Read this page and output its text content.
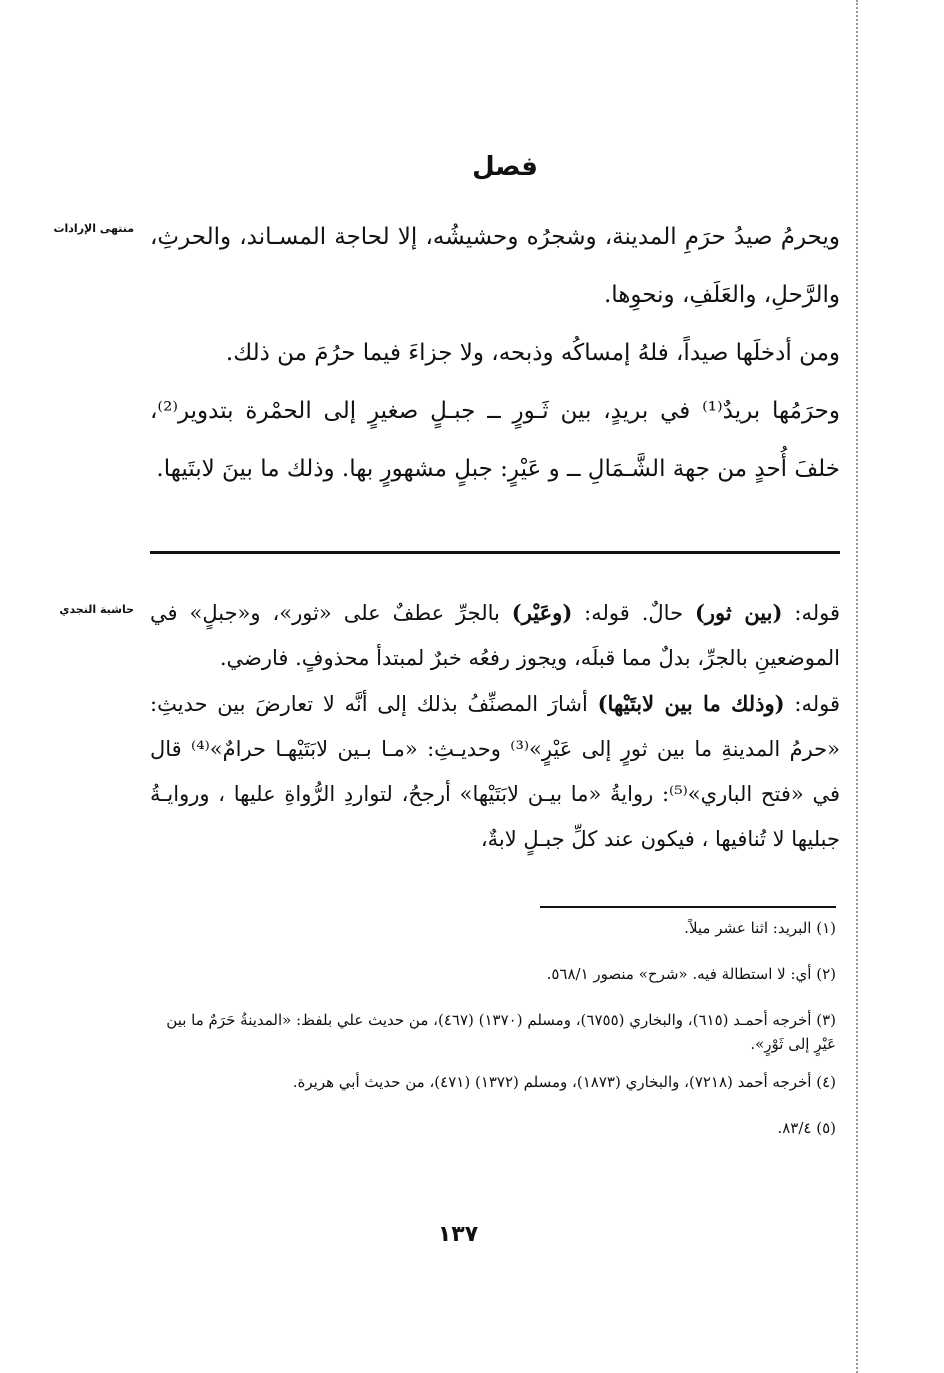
فصل
منتهى الإرادات ويحرمُ صيدُ حرَمِ المدينة، وشجرُه وحشيشُه، إلا لحاجة المسـاند، والحرثِ، والرَّحلِ، والعَلَفِ، ونحوِها.

ومن أدخلَها صيداً، فلهُ إمساكُه وذبحه، ولا جزاءَ فيما حرُمَ من ذلك.

وحرَمُها بريدٌ⁽¹⁾ في بريدٍ، بين ثَـورٍ ــ جبـلٍ صغيرٍ إلى الحمْرة بتدوير⁽²⁾، خلفَ أُحدٍ من جهة الشَّـمَالِ ــ و عَيْرٍ: جبلٍ مشهورٍ بها. وذلك ما بينَ لابتَيها.

حاشية النجدي	قوله: (بين ثور) حالٌ. قوله: (وعَيْر) بالجرِّ عطفٌ على «ثور»، و«جبلٍ» في الموضعينِ بالجرِّ، بدلٌ مما قبلَه، ويجوز رفعُه خبرٌ لمبتدأ محذوفٍ. فارضي.

قوله: (وذلك ما بين لابتَيْها) أشارَ المصنِّفُ بذلك إلى أنَّه لا تعارضَ بين حديثِ: «حرمُ المدينةِ ما بين ثورٍ إلى عَيْرٍ»⁽³⁾ وحديـثِ: «مـا بـين لابَتَيْهـا حرامٌ»⁽⁴⁾ قال في «فتح الباري»⁽⁵⁾: روايةُ «ما بيـن لابَتَيْها» أرجحُ، لتواردِ الرُّواةِ عليها ، وروايـةُ جبليها لا تُنافيها ، فيكون عند كلِّ جبـلٍ لابةٌ،

(١) البريد: اثنا عشر ميلاً.

(٢) أي: لا استطالة فيه. «شرح» منصور ٥٦٨/١.

(٣) أخرجه أحمـد (٦١٥)، والبخاري (٦٧٥٥)، ومسلم (١٣٧٠) (٤٦٧)، من حديث علي بلفظ: «المدينةُ حَرَمٌ ما بين عَيْرٍ إلى ثَوْرٍ».

(٤) أخرجه أحمد (٧٢١٨)، والبخاري (١٨٧٣)، ومسلم (١٣٧٢) (٤٧١)، من حديث أبي هريرة.

(٥) ٨٣/٤.

١٣٧
